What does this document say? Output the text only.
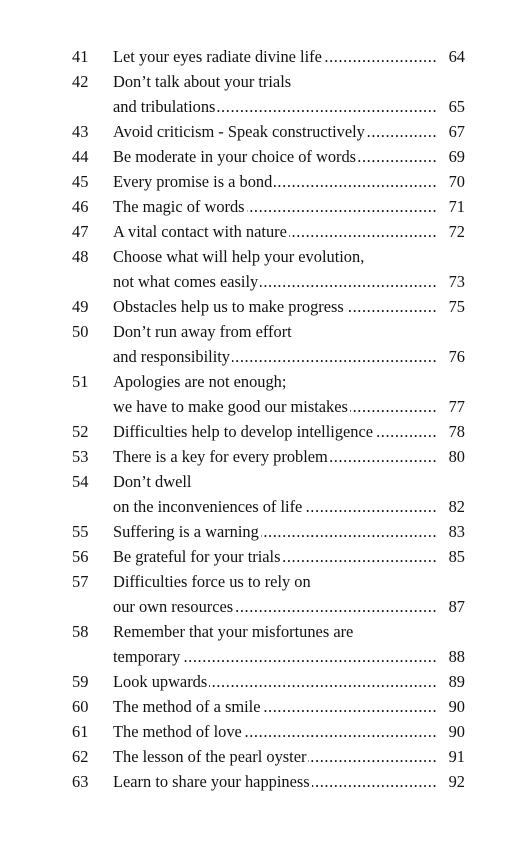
41 Let your eyes radiate divine life .....	64
42 Don’t talk about your trials
and tribulations .....	65
43 Avoid criticism - Speak constructively .....	67
44 Be moderate in your choice of words .....	69
45 Every promise is a bond .....	70
46 The magic of words .....	71
47 A vital contact with nature .....	72
48 Choose what will help your evolution,
not what comes easily .....	73
49 Obstacles help us to make progress .....	75
50 Don’t run away from effort
and responsibility .....	76
51 Apologies are not enough;
we have to make good our mistakes .....	77
52 Difficulties help to develop intelligence .....	78
53 There is a key for every problem .....	80
54 Don’t dwell
on the inconveniences of life .....	82
55 Suffering is a warning .....	83
56 Be grateful for your trials .....	85
57 Difficulties force us to rely on
our own resources .....	87
58 Remember that your misfortunes are
temporary .....	88
59 Look upwards .....	89
60 The method of a smile .....	90
61 The method of love .....	90
62 The lesson of the pearl oyster .....	91
63 Learn to share your happiness .....	92
